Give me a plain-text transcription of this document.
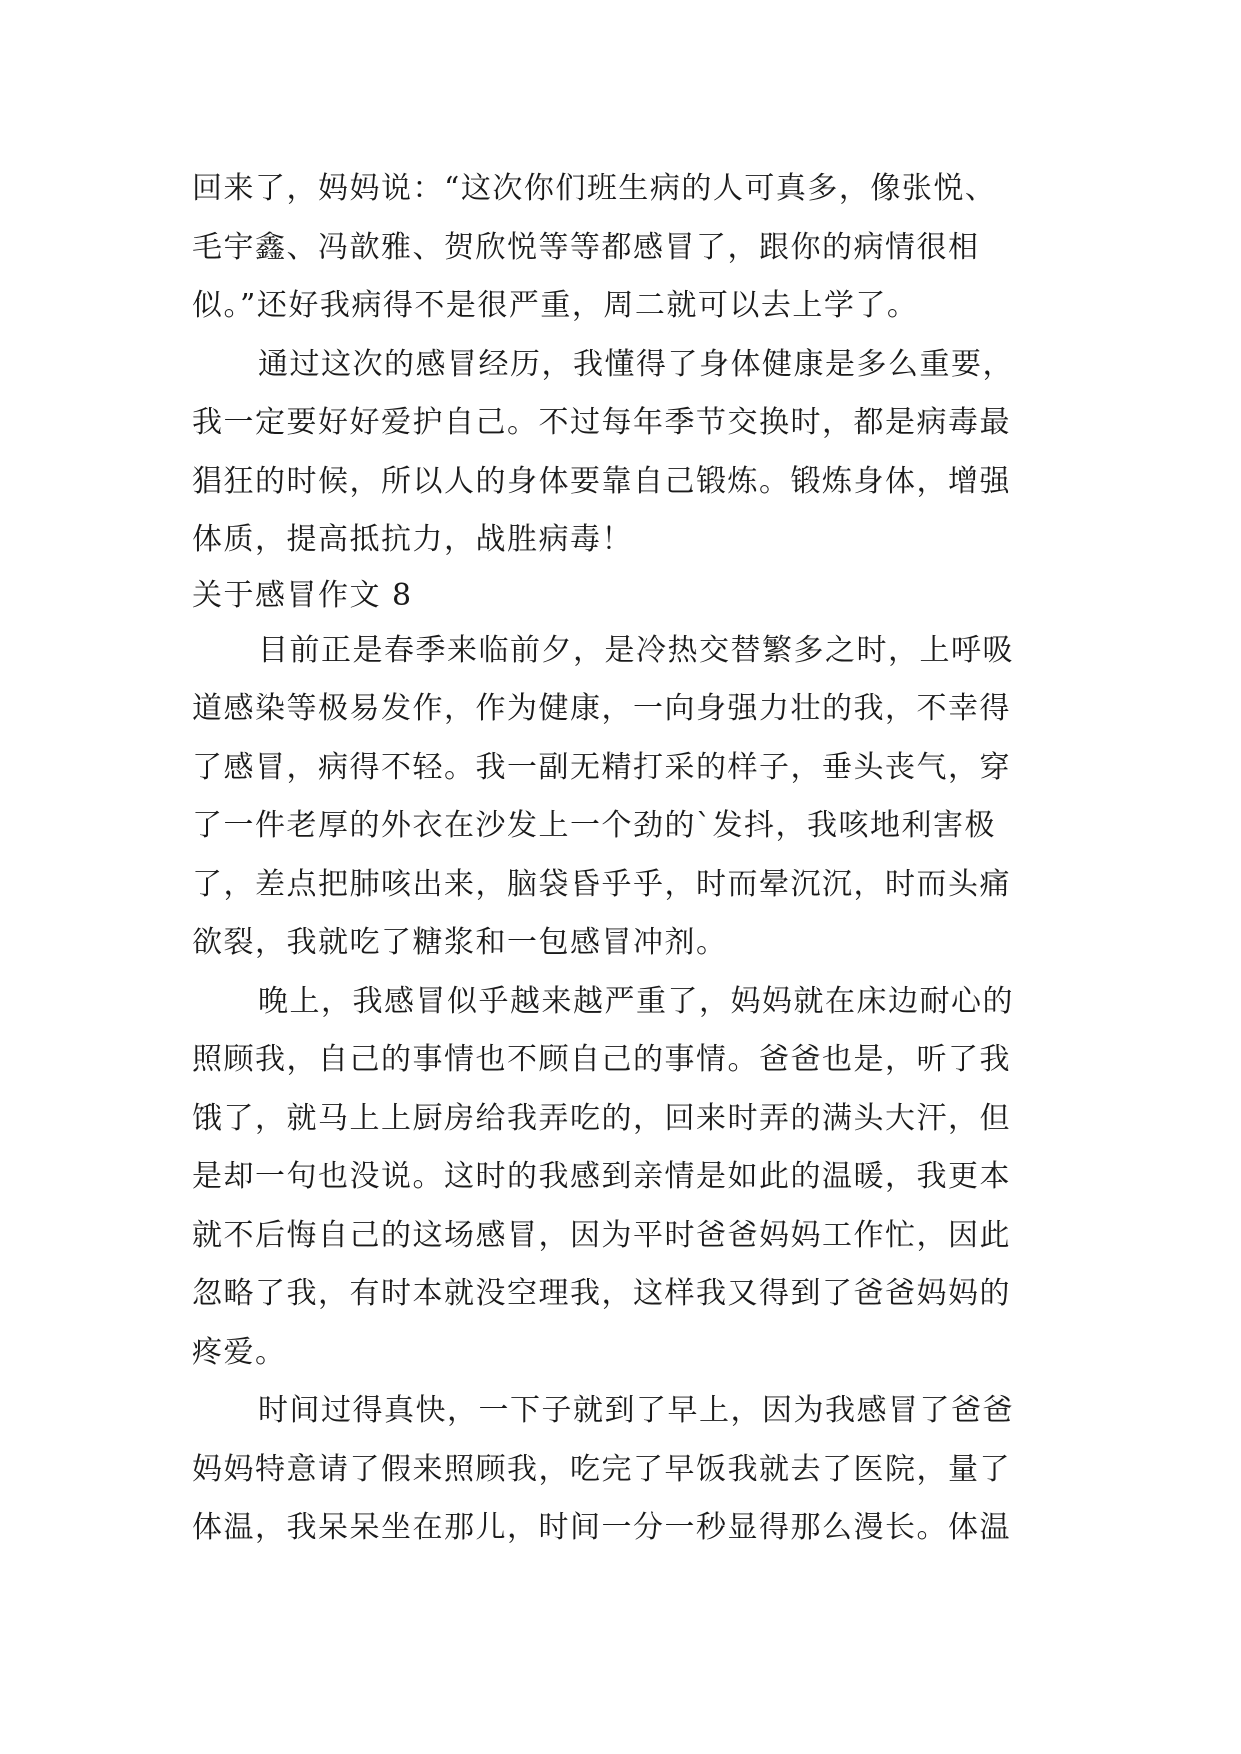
回来了，妈妈说：“这次你们班生病的人可真多，像张悦、
毛宇鑫、冯歆雅、贺欣悦等等都感冒了，跟你的病情很相
似。”还好我病得不是很严重，周二就可以去上学了。
通过这次的感冒经历，我懂得了身体健康是多么重要，
我一定要好好爱护自己。不过每年季节交换时，都是病毒最
猖狂的时候，所以人的身体要靠自己锻炼。锻炼身体，增强
体质，提高抵抗力，战胜病毒！
关于感冒作文 8
目前正是春季来临前夕，是冷热交替繁多之时，上呼吸
道感染等极易发作，作为健康，一向身强力壮的我，不幸得
了感冒，病得不轻。我一副无精打采的样子，垂头丧气，穿
了一件老厚的外衣在沙发上一个劲的`发抖，我咳地利害极
了，差点把肺咳出来，脑袋昏乎乎，时而晕沉沉，时而头痛
欲裂，我就吃了糖浆和一包感冒冲剂。
晚上，我感冒似乎越来越严重了，妈妈就在床边耐心的
照顾我，自己的事情也不顾自己的事情。爸爸也是，听了我
饿了，就马上上厨房给我弄吃的，回来时弄的满头大汗，但
是却一句也没说。这时的我感到亲情是如此的温暖，我更本
就不后悔自己的这场感冒，因为平时爸爸妈妈工作忙，因此
忽略了我，有时本就没空理我，这样我又得到了爸爸妈妈的
疼爱。
时间过得真快，一下子就到了早上，因为我感冒了爸爸
妈妈特意请了假来照顾我，吃完了早饭我就去了医院，量了
体温，我呆呆坐在那儿，时间一分一秒显得那么漫长。体温
